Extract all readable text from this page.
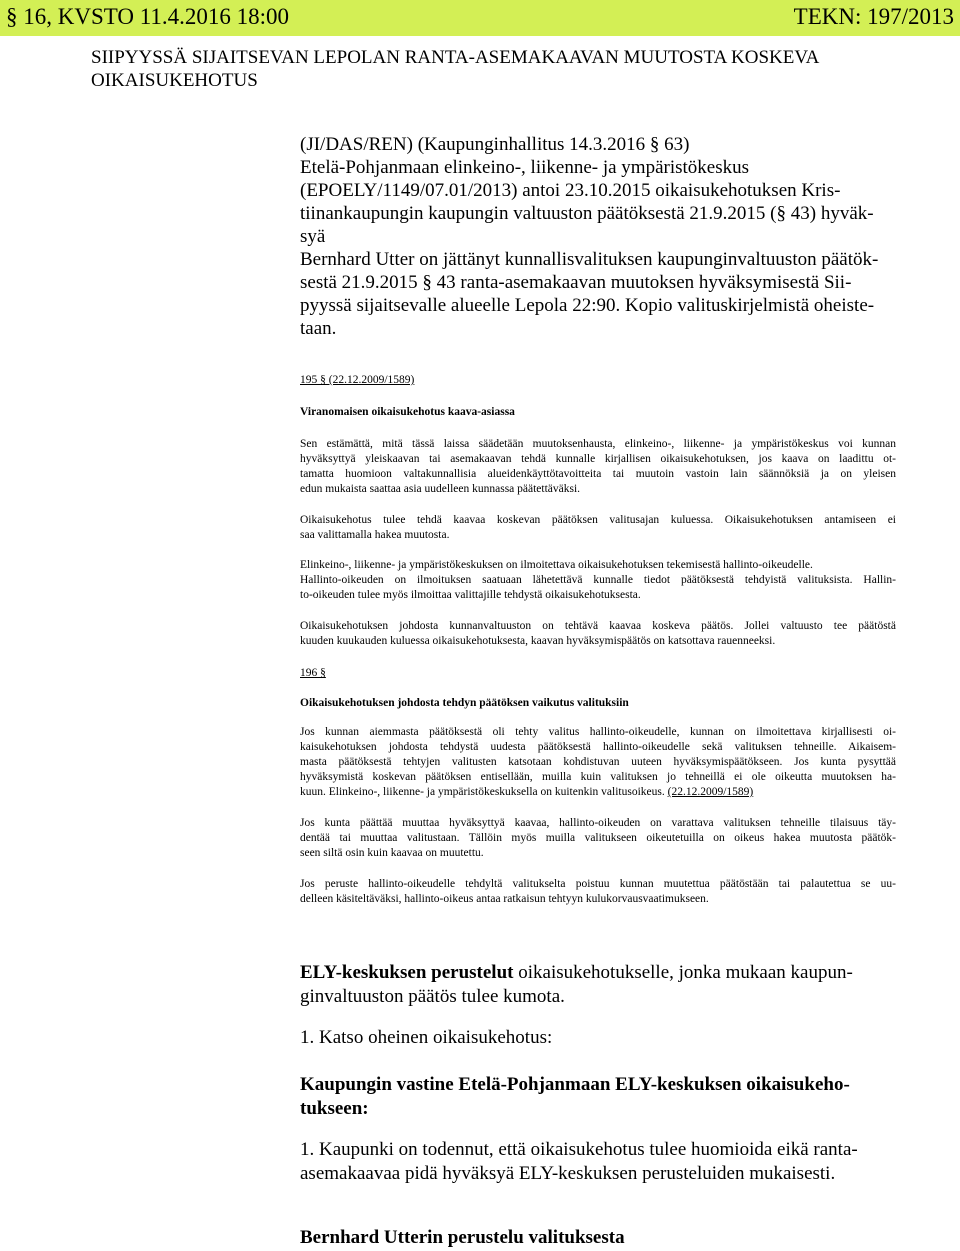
§ 16, KVSTO 11.4.2016 18:00	TEKN: 197/2013
SIIPYYSSÄ SIJAITSEVAN LEPOLAN RANTA-ASEMAKAAVAN MUUTOSTA KOSKEVA
OIKAISUKEHOTUS
(JI/DAS/REN) (Kaupunginhallitus 14.3.2016 § 63)
Etelä-Pohjanmaan elinkeino-, liikenne- ja ympäristökeskus
(EPOELY/1149/07.01/2013) antoi 23.10.2015 oikaisukehotuksen Kris-
tiinankaupungin kaupungin valtuuston päätöksestä 21.9.2015 (§ 43) hyväk-
syä
Bernhard Utter on jättänyt kunnallisvalituksen kaupunginvaltuuston päätök-
sestä 21.9.2015 § 43 ranta-asemakaavan muutoksen hyväksymisestä Sii-
pyyssä sijaitsevalle alueelle Lepola 22:90. Kopio valituskirjelmistä oheiste-
taan.
195 § (22.12.2009/1589)
Viranomaisen oikaisukehotus kaava-asiassa
Sen estämättä, mitä tässä laissa säädetään muutoksenhausta, elinkeino-, liikenne- ja ympäristökeskus voi kunnan
hyväksyttyä yleiskaavan tai asemakaavan tehdä kunnalle kirjallisen oikaisukehotuksen, jos kaava on laadittu ot-
tamatta huomioon valtakunnallisia alueidenkäyttötavoitteita tai muutoin vastoin lain säännöksiä ja on yleisen
edun mukaista saattaa asia uudelleen kunnassa päätettäväksi.
Oikaisukehotus tulee tehdä kaavaa koskevan päätöksen valitusajan kuluessa. Oikaisukehotuksen antamiseen ei
saa valittamalla hakea muutosta.
Elinkeino-, liikenne- ja ympäristökeskuksen on ilmoitettava oikaisukehotuksen tekemisestä hallinto-oikeudelle.
Hallinto-oikeuden on ilmoituksen saatuaan lähetettävä kunnalle tiedot päätöksestä tehdyistä valituksista. Hallin-
to-oikeuden tulee myös ilmoittaa valittajille tehdystä oikaisukehotuksesta.
Oikaisukehotuksen johdosta kunnanvaltuuston on tehtävä kaavaa koskeva päätös. Jollei valtuusto tee päätöstä
kuuden kuukauden kuluessa oikaisukehotuksesta, kaavan hyväksymispäätös on katsottava rauenneeksi.
196 §
Oikaisukehotuksen johdosta tehdyn päätöksen vaikutus valituksiin
Jos kunnan aiemmasta päätöksestä oli tehty valitus hallinto-oikeudelle, kunnan on ilmoitettava kirjallisesti oi-
kaisukehotuksen johdosta tehdystä uudesta päätöksestä hallinto-oikeudelle sekä valituksen tehneille. Aikaisem-
masta päätöksestä tehtyjen valitusten katsotaan kohdistuvan uuteen hyväksymispäätökseen. Jos kunta pysyttää
hyväksymistä koskevan päätöksen entisellään, muilla kuin valituksen jo tehneillä ei ole oikeutta muutoksen ha-
kuun. Elinkeino-, liikenne- ja ympäristökeskuksella on kuitenkin valitusoikeus. (22.12.2009/1589)
Jos kunta päättää muuttaa hyväksyttyä kaavaa, hallinto-oikeuden on varattava valituksen tehneille tilaisuus täy-
dentää tai muuttaa valitustaan. Tällöin myös muilla valitukseen oikeutetuilla on oikeus hakea muutosta päätök-
seen siltä osin kuin kaavaa on muutettu.
Jos peruste hallinto-oikeudelle tehdyltä valitukselta poistuu kunnan muutettua päätöstään tai palautettua se uu-
delleen käsiteltäväksi, hallinto-oikeus antaa ratkaisun tehtyyn kulukorvausvaatimukseen.
ELY-keskuksen perustelut oikaisukehotukselle, jonka mukaan kaupun-
ginvaltuuston päätös tulee kumota.
1. Katso oheinen oikaisukehotus:
Kaupungin vastine Etelä-Pohjanmaan ELY-keskuksen oikaisukeho-
tukseen:
1. Kaupunki on todennut, että oikaisukehotus tulee huomioida eikä ranta-
asemakaavaa pidä hyväksyä ELY-keskuksen perusteluiden mukaisesti.
Bernhard Utterin perustelu valituksesta
